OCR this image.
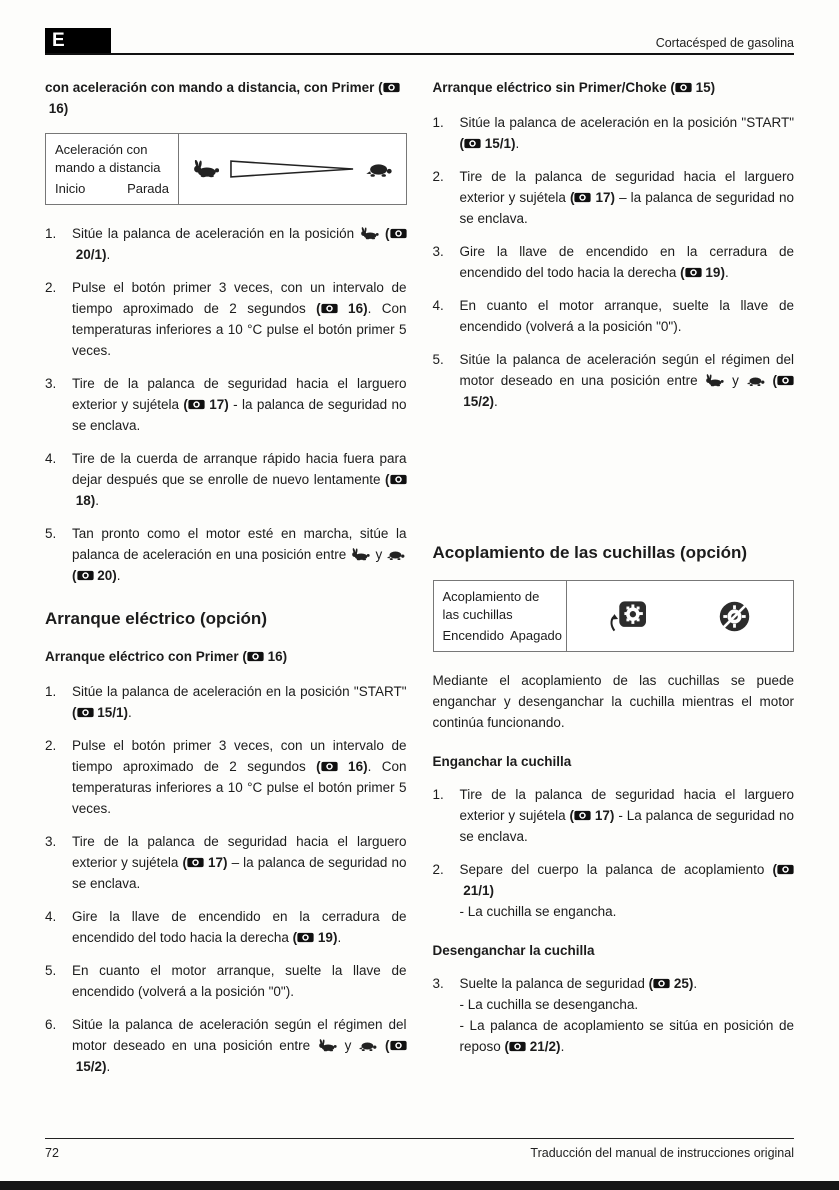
E	Cortacésped de gasolina

con aceleración con mando a distancia, con Primer ( 16)

Aceleración con
mando a distancia
Inicio	Parada
1.	Sitúe la palanca de aceleración en la posición  ( 20/1).
2.	Pulse el botón primer 3 veces, con un intervalo de tiempo aproximado de 2 segundos ( 16). Con temperaturas inferiores a 10 °C pulse el botón primer 5 veces.
3.	Tire de la palanca de seguridad hacia el larguero exterior y sujétela ( 17) - la palanca de seguridad no se enclava.
4.	Tire de la cuerda de arranque rápido hacia fuera para dejar después que se enrolle de nuevo lentamente ( 18).
5.	Tan pronto como el motor esté en marcha, sitúe la palanca de aceleración en una posición entre  y  ( 20).
Arranque eléctrico (opción)

Arranque eléctrico con Primer ( 16)

1.	Sitúe la palanca de aceleración en la posición "START" ( 15/1).
2.	Pulse el botón primer 3 veces, con un intervalo de tiempo aproximado de 2 segundos ( 16). Con temperaturas inferiores a 10 °C pulse el botón primer 5 veces.
3.	Tire de la palanca de seguridad hacia el larguero exterior y sujétela ( 17) – la palanca de seguridad no se enclava.
4.	Gire la llave de encendido en la cerradura de encendido del todo hacia la derecha ( 19).
5.	En cuanto el motor arranque, suelte la llave de encendido (volverá a la posición "0").
6.	Sitúe la palanca de aceleración según el régimen del motor deseado en una posición entre  y  ( 15/2).

Arranque eléctrico sin Primer/Choke ( 15)

1.	Sitúe la palanca de aceleración en la posición "START" ( 15/1).
2.	Tire de la palanca de seguridad hacia el larguero exterior y sujétela ( 17) – la palanca de seguridad no se enclava.
3.	Gire la llave de encendido en la cerradura de encendido del todo hacia la derecha ( 19).
4.	En cuanto el motor arranque, suelte la llave de encendido (volverá a la posición "0").
5.	Sitúe la palanca de aceleración según el régimen del motor deseado en una posición entre  y  ( 15/2).
Acoplamiento de las cuchillas (opción)
Acoplamiento de
las cuchillas
Encendido Apagado

Mediante el acoplamiento de las cuchillas se puede enganchar y desenganchar la cuchilla mientras el motor continúa funcionando.

Enganchar la cuchilla

1.	Tire de la palanca de seguridad hacia el larguero exterior y sujétela ( 17) - La palanca de seguridad no se enclava.
2.	Separe del cuerpo la palanca de acoplamiento ( 21/1)
- La cuchilla se engancha.

Desenganchar la cuchilla

3.	Suelte la palanca de seguridad ( 25).
- La cuchilla se desengancha.
- La palanca de acoplamiento se sitúa en posición de reposo ( 21/2).
72	Traducción del manual de instrucciones original
